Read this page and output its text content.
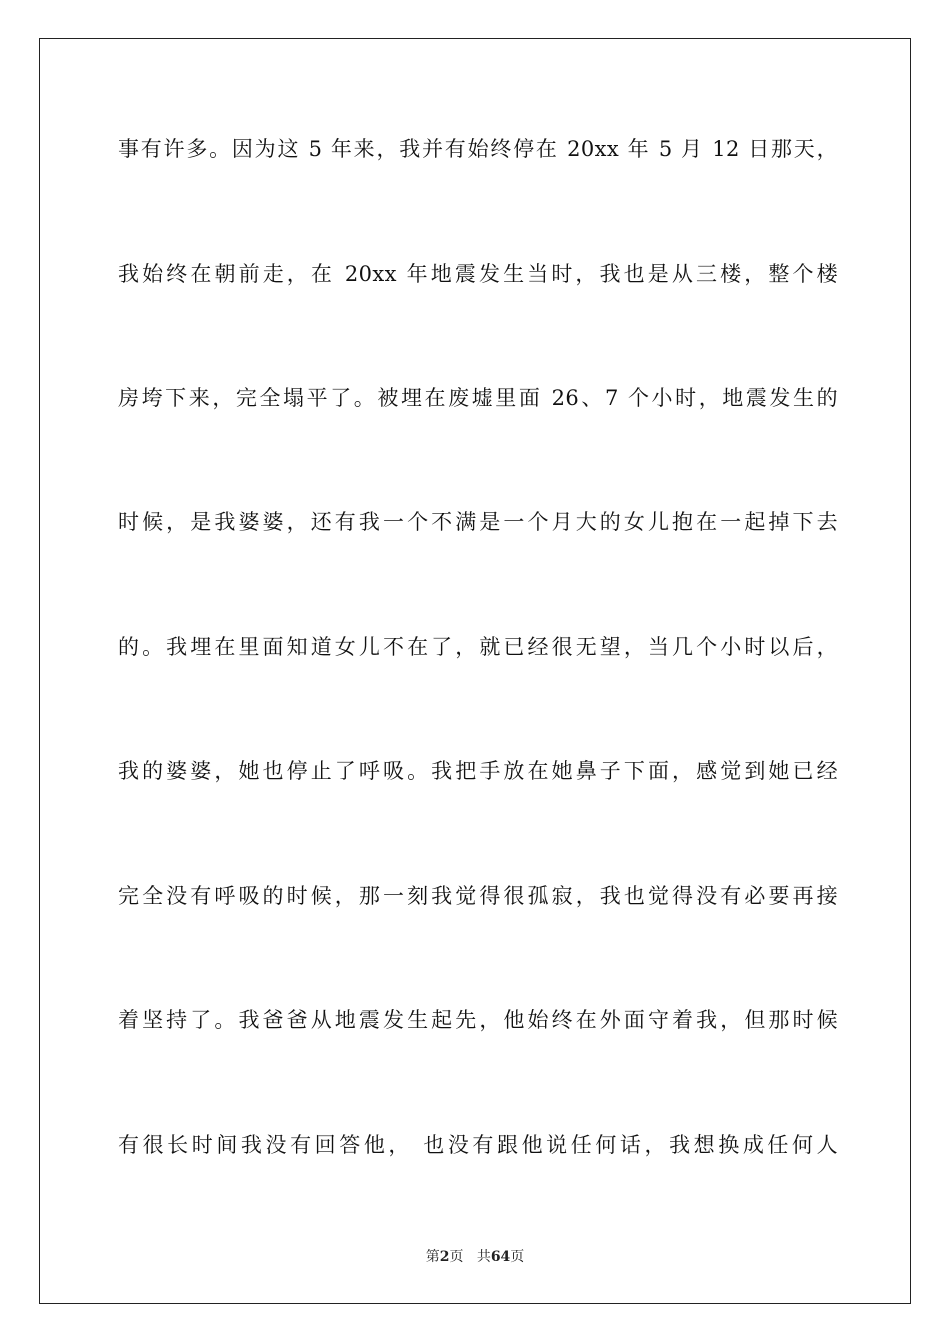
事有许多。因为这 5 年来，我并有始终停在 20xx 年 5 月 12 日那天，
我始终在朝前走，在 20xx 年地震发生当时，我也是从三楼，整个楼
房垮下来，完全塌平了。被埋在废墟里面 26、7 个小时，地震发生的
时候，是我婆婆，还有我一个不满是一个月大的女儿抱在一起掉下去
的。我埋在里面知道女儿不在了，就已经很无望，当几个小时以后，
我的婆婆，她也停止了呼吸。我把手放在她鼻子下面，感觉到她已经
完全没有呼吸的时候，那一刻我觉得很孤寂，我也觉得没有必要再接
着坚持了。我爸爸从地震发生起先，他始终在外面守着我，但那时候
有很长时间我没有回答他， 也没有跟他说任何话，我想换成任何人
第2页 共64页
